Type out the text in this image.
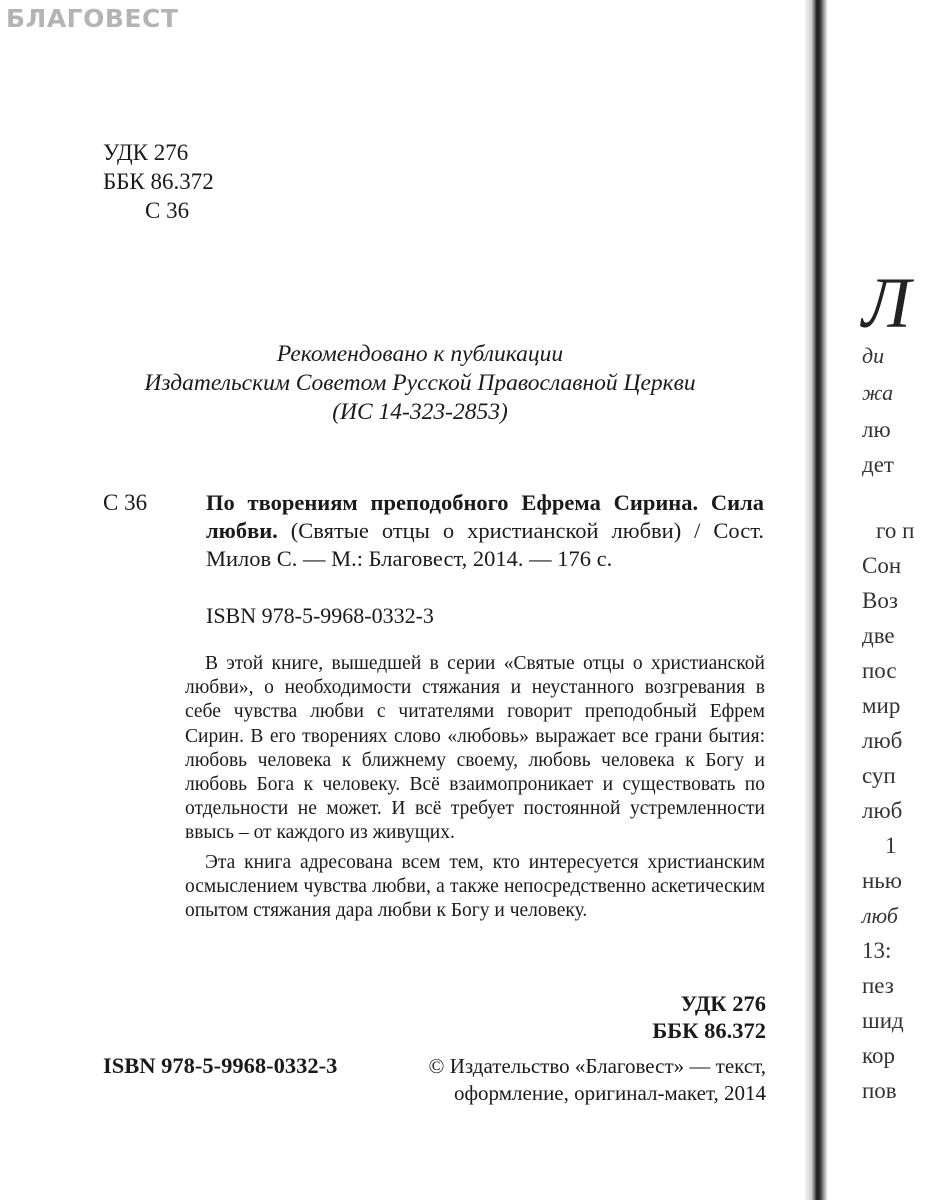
БЛАГОВЕСТ
УДК 276
ББК 86.372
С 36
Рекомендовано к публикации
Издательским Советом Русской Православной Церкви
(ИС 14-323-2853)
С 36	По творениям преподобного Ефрема Сирина. Сила любви. (Святые отцы о христианской любви) / Сост. Милов С. — М.: Благовест, 2014. — 176 с.

ISBN 978-5-9968-0332-3

В этой книге, вышедшей в серии «Святые отцы о христианской любви», о необходимости стяжания и неустанного возгревания в себе чувства любви с читателями говорит преподобный Ефрем Сирин. В его творениях слово «любовь» выражает все грани бытия: любовь человека к ближнему своему, любовь человека к Богу и любовь Бога к человеку. Всё взаимопроникает и существовать по отдельности не может. И всё требует постоянной устремленности ввысь – от каждого из живущих.

Эта книга адресована всем тем, кто интересуется христианским осмыслением чувства любви, а также непосредственно аскетическим опытом стяжания дара любви к Богу и человеку.

УДК 276
ББК 86.372
ISBN 978-5-9968-0332-3	© Издательство «Благовест» — текст,
оформление, оригинал-макет, 2014
Л
ди
жа
лю
дет
го п
Сон
Воз
две
пос
мир
люб
суп
люб
1
нью
люб
13:
пез
шид
кор
пов
